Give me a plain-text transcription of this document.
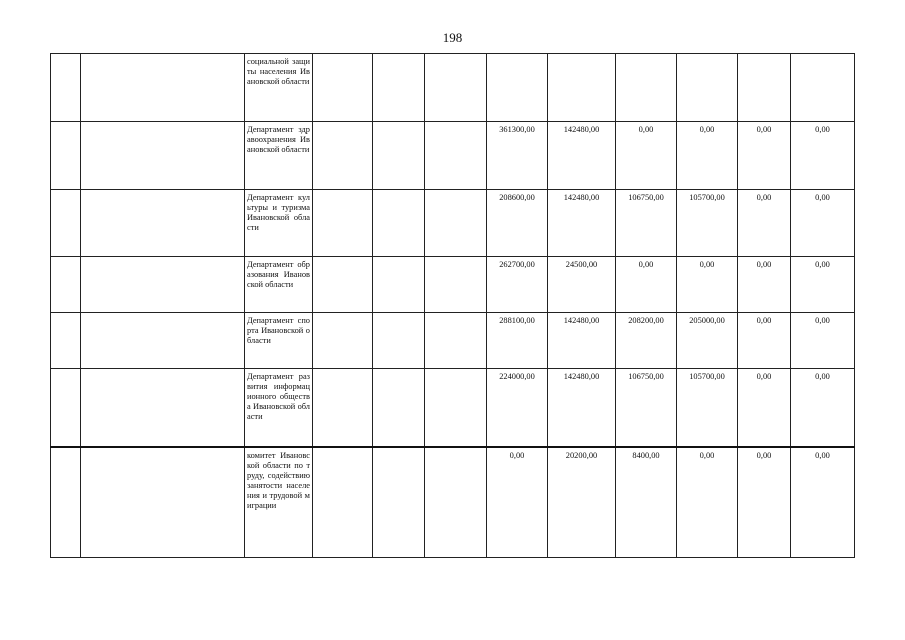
198
		социальной защиты населения Ивановской области									
		Департамент здравоохранения Ивановской области				361300,00	142480,00	0,00	0,00	0,00	0,00
		Департамент культуры и туризма Ивановской области				208600,00	142480,00	106750,00	105700,00	0,00	0,00
		Департамент образования Ивановской области				262700,00	24500,00	0,00	0,00	0,00	0,00
		Департамент спорта Ивановской области				288100,00	142480,00	208200,00	205000,00	0,00	0,00
		Департамент развития информационного общества Ивановской области				224000,00	142480,00	106750,00	105700,00	0,00	0,00
		комитет Ивановской области по труду, содействию занятости населения и трудовой миграции				0,00	20200,00	8400,00	0,00	0,00	0,00
